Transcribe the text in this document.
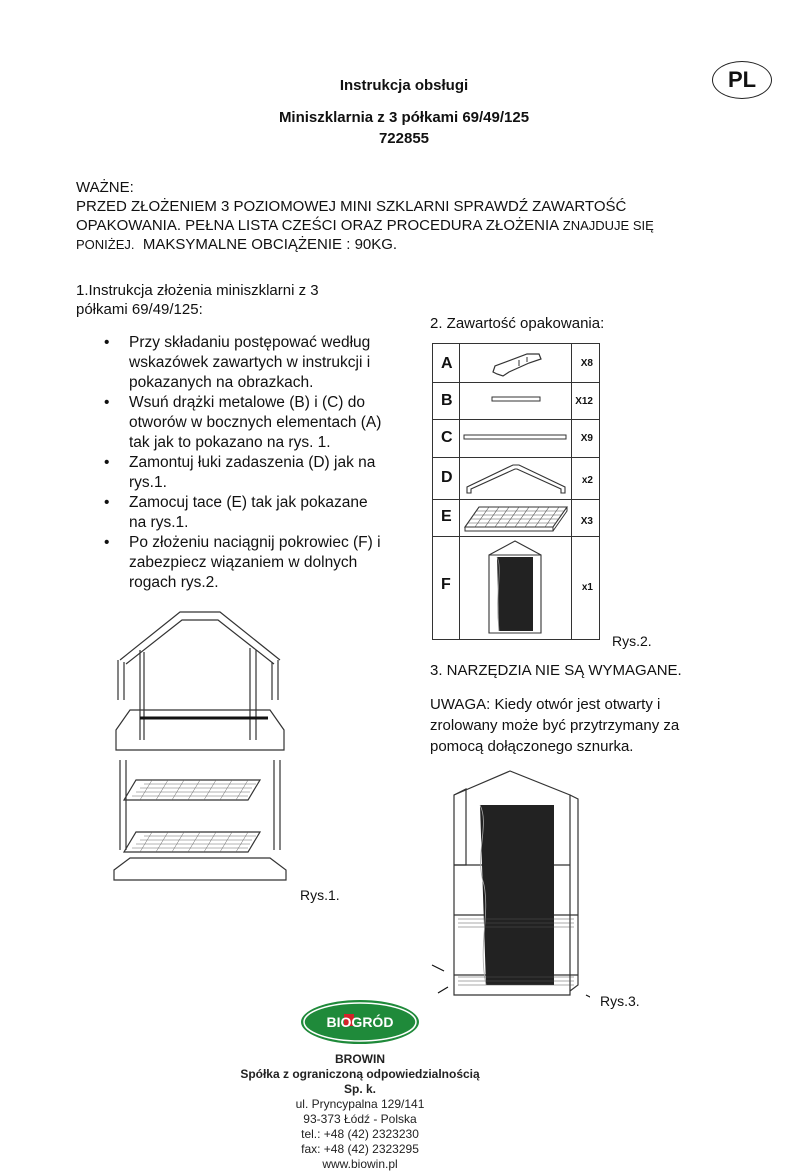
Instrukcja obsługi
Miniszklarnia z 3 półkami 69/49/125
722855
PL
WAŻNE:
PRZED ZŁOŻENIEM 3 POZIOMOWEJ MINI SZKLARNI SPRAWDŹ ZAWARTOŚĆ
OPAKOWANIA. PEŁNA LISTA CZEŚCI ORAZ PROCEDURA ZŁOŻENIA ZNAJDUJE SIĘ
PONIŻEJ.  MAKSYMALNE OBCIĄŻENIE : 90KG.
1.Instrukcja złożenia miniszklarni z 3
półkami 69/49/125:
• Przy składaniu postępować według wskazówek zawartych w instrukcji i pokazanych na obrazkach.
• Wsuń drążki metalowe (B) i (C) do otworów w bocznych elementach (A) tak jak to pokazano na rys. 1.
• Zamontuj łuki zadaszenia (D) jak na rys.1.
• Zamocuj tace (E) tak jak pokazane na rys.1.
• Po złożeniu naciągnij pokrowiec (F) i zabezpiecz wiązaniem w dolnych rogach rys.2.
2. Zawartość opakowania:
A	X8
B	X12
C	X9
D	x2
E	X3
F	x1
Rys.2.
3. NARZĘDZIA NIE SĄ WYMAGANE.
UWAGA: Kiedy otwór jest otwarty i zrolowany może być przytrzymany za pomocą dołączonego sznurka.
Rys.1.
Rys.3.
BIOGRÓD
BROWIN
Spółka z ograniczoną odpowiedzialnością Sp. k.
ul. Pryncypalna 129/141
93-373 Łódź - Polska
tel.: +48 (42) 2323230
fax: +48 (42) 2323295
www.biowin.pl
